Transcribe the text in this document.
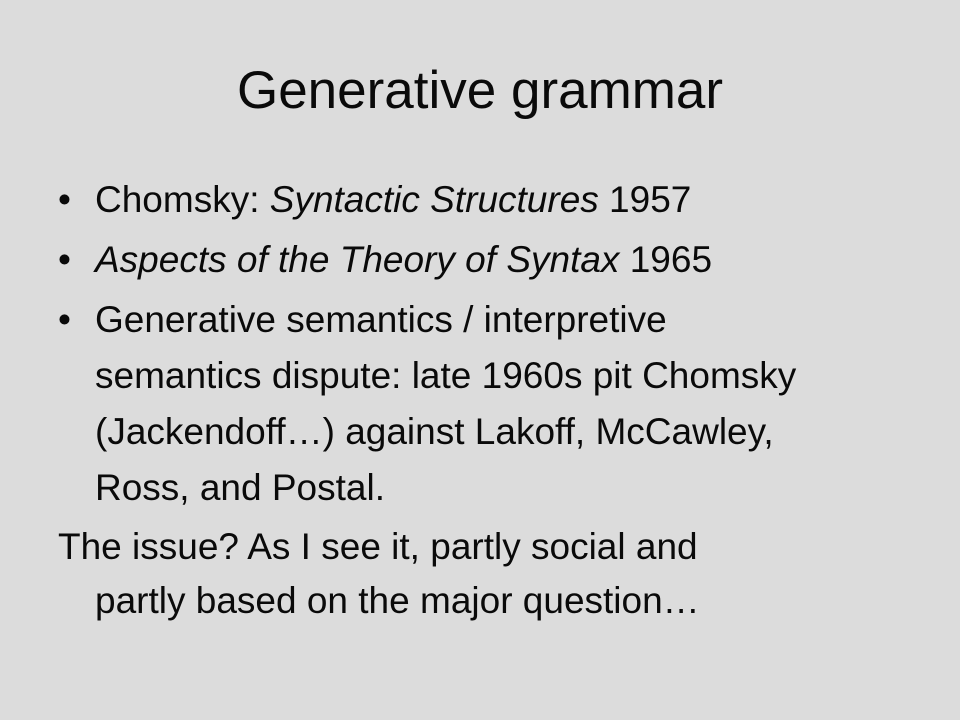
Generative grammar
• Chomsky: Syntactic Structures 1957
• Aspects of the Theory of Syntax 1965
• Generative semantics / interpretive
semantics dispute: late 1960s pit Chomsky
(Jackendoff…) against Lakoff, McCawley,
Ross, and Postal.
The issue? As I see it, partly social and
partly based on the major question…
